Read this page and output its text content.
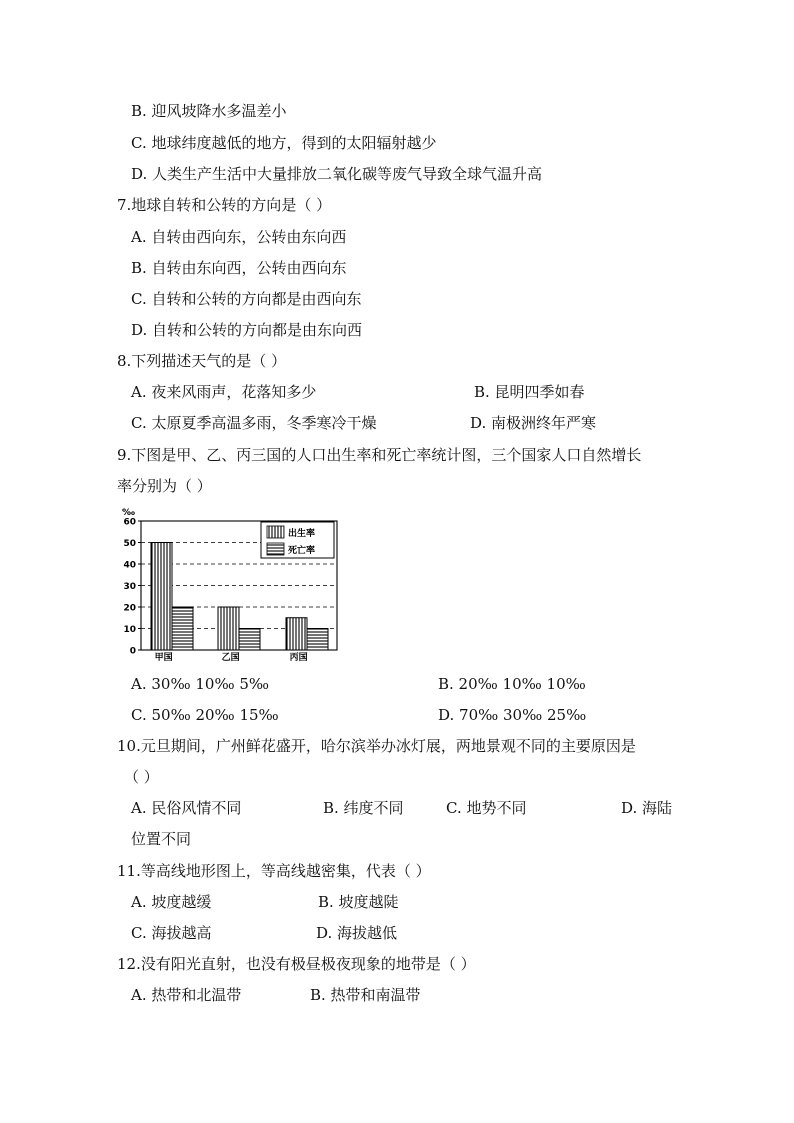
B. 迎风坡降水多温差小
C. 地球纬度越低的地方，得到的太阳辐射越少
D. 人类生产生活中大量排放二氧化碳等废气导致全球气温升高
7.地球自转和公转的方向是（ ）
A. 自转由西向东，公转由东向西
B. 自转由东向西，公转由西向东
C. 自转和公转的方向都是由西向东
D. 自转和公转的方向都是由东向西
8.下列描述天气的是（ ）
A. 夜来风雨声，花落知多少	B. 昆明四季如春
C. 太原夏季高温多雨，冬季寒冷干燥	D. 南极洲终年严寒
9.下图是甲、乙、丙三国的人口出生率和死亡率统计图，三个国家人口自然增长
率分别为（ ）
‰
0
10
20
30
40
50
60
甲国	乙国	丙国
出生率
死亡率
A. 30‰ 10‰ 5‰	B. 20‰ 10‰ 10‰
C. 50‰ 20‰ 15‰	D. 70‰ 30‰ 25‰
10.元旦期间，广州鲜花盛开，哈尔滨举办冰灯展，两地景观不同的主要原因是
（ ）
A. 民俗风情不同	B. 纬度不同	C. 地势不同	D. 海陆
位置不同
11.等高线地形图上，等高线越密集，代表（ ）
A. 坡度越缓	B. 坡度越陡
C. 海拔越高	D. 海拔越低
12.没有阳光直射，也没有极昼极夜现象的地带是（ ）
A. 热带和北温带	B. 热带和南温带
